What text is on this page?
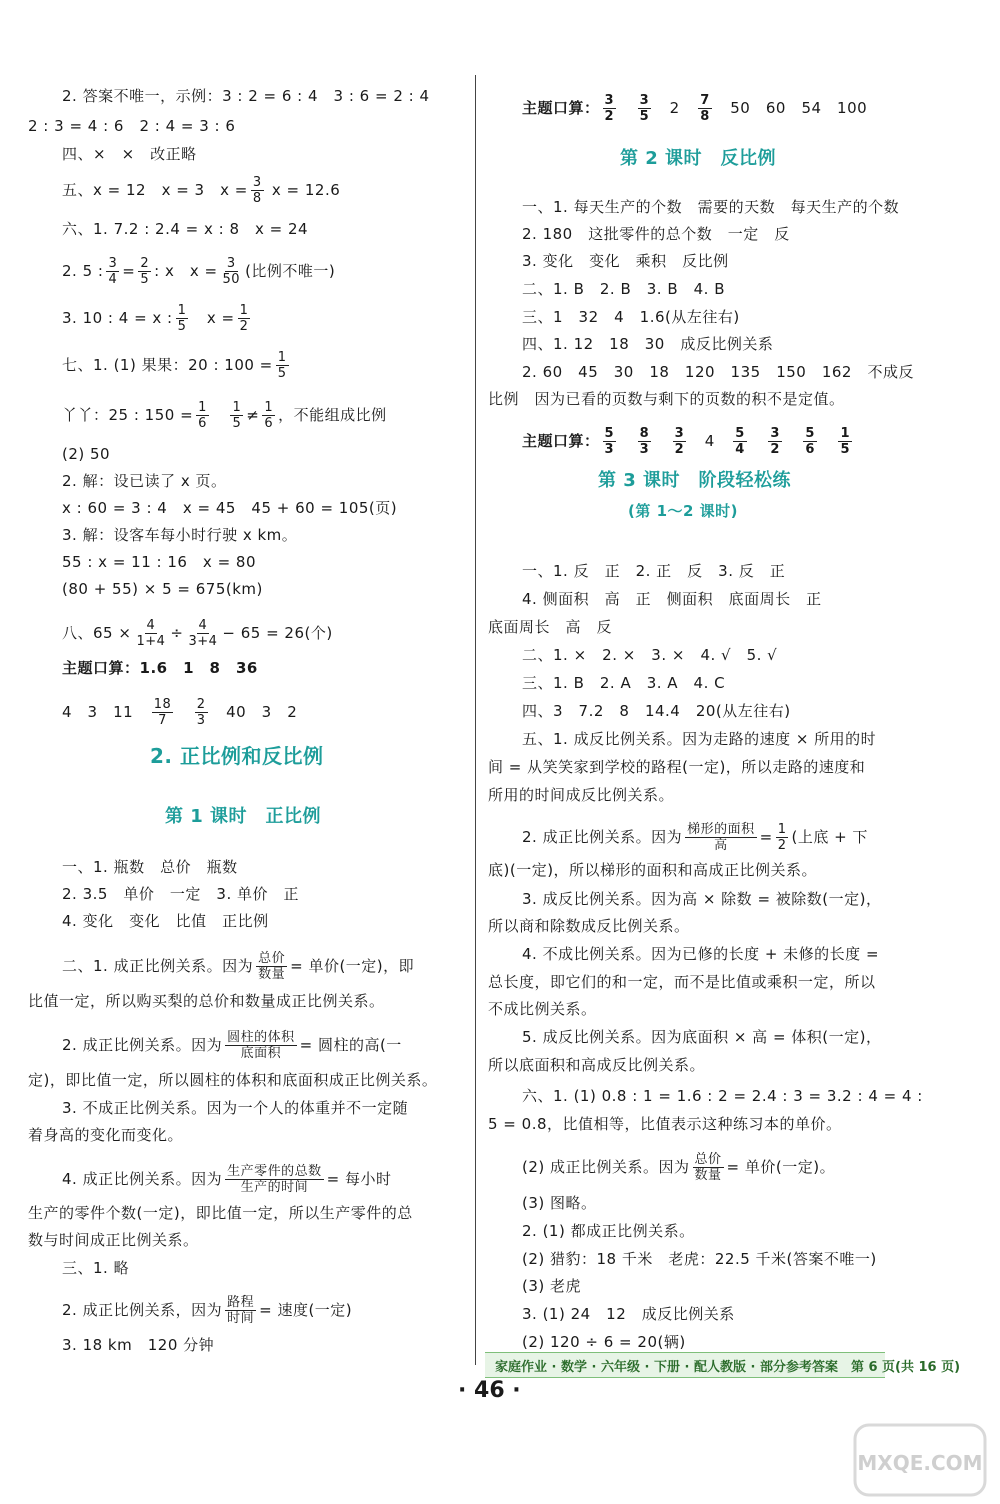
2. 答案不唯一，示例：3 : 2 = 6 : 4　3 : 6 = 2 : 4
2 : 3 = 4 : 6　2 : 4 = 3 : 6
四、×　×　改正略
五、x = 12　x = 3　$x = \frac{3}{8}$ x = 12.6
六、1. 7.2 : 2.4 = x : 8　x = 24
2. 5 : $\frac{3}{4} = \frac{2}{5}$ : x　$x = \frac{3}{50}$ (比例不唯一)
3. 10 : 4 = x : $\frac{1}{5}$
　 $x = \frac{1}{2}$
七、1. (1) 果果：20 : $100 = \frac{1}{5}$
丫丫：25 : $150 = \frac{1}{6}$
　 $\frac{1}{5} \ne \frac{1}{6}$ ，不能组成比例
(2) 50
2. 解：设已读了 x 页。
x : 60 = 3 : 4　x = 45　45 + 60 = 105(页)
3. 解：设客车每小时行驶 x km。
55 : x = 11 : 16　x = 80
(80 + 55) × 5 = 675(km)
八、$65 \times \frac{4}{1+4} \div \frac{4}{3+4} - 65 = 26$(个)
主题口算：1.6　1　8　36
4　3　11　 $\frac{18}{7}$
　 $\frac{2}{3}$
　 40　3　2
2. 正比例和反比例
第 1 课时　正比例
一、1. 瓶数　总价　瓶数
2. 3.5　单价　一定　3. 单价　正
4. 变化　变化　比值　正比例
二、1. 成正比例关系。因为 $\frac{\text{总价}}{\text{数量}}$ = 单价(一定)，即
比值一定，所以购买梨的总价和数量成正比例关系。
2. 成正比例关系。因为 $\frac{\text{圆柱的体积}}{\text{底面积}}$ = 圆柱的高(一
定)，即比值一定，所以圆柱的体积和底面积成正比例关系。
3. 不成正比例关系。因为一个人的体重并不一定随
着身高的变化而变化。
4. 成正比例关系。因为 $\frac{\text{生产零件的总数}}{\text{生产的时间}}$ = 每小时
生产的零件个数(一定)，即比值一定，所以生产零件的总
数与时间成正比例关系。
三、1. 略
2. 成正比例关系，因为 $\frac{\text{路程}}{\text{时间}}$ = 速度(一定)
3. 18 km　120 分钟
主题口算： $\frac{3}{2}$
　 $\frac{3}{5}$
　 2　 $\frac{7}{8}$
　 50　60　54　100
第 2 课时　反比例
一、1. 每天生产的个数　需要的天数　每天生产的个数
2. 180　这批零件的总个数　一定　反
3. 变化　变化　乘积　反比例
二、1. B　2. B　3. B　4. B
三、1　32　4　1.6(从左往右)
四、1. 12　18　30　成反比例关系
2. 60　45　30　18　120　135　150　162　不成反
比例　因为已看的页数与剩下的页数的积不是定值。
主题口算： $\frac{5}{3}$
　 $\frac{8}{3}$
　 $\frac{3}{2}$
　 4　 $\frac{5}{4}$
　 $\frac{3}{2}$
　 $\frac{5}{6}$
　 $\frac{1}{5}$
第 3 课时　阶段轻松练
(第 1～2 课时)
一、1. 反　正　2. 正　反　3. 反　正
4. 侧面积　高　正　侧面积　底面周长　正
底面周长　高　反
二、1. ×　2. ×　3. ×　4. √　5. √
三、1. B　2. A　3. A　4. C
四、3　7.2　8　14.4　20(从左往右)
五、1. 成反比例关系。因为走路的速度 × 所用的时
间 = 从笑笑家到学校的路程(一定)，所以走路的速度和
所用的时间成反比例关系。
2. 成正比例关系。因为 $\frac{\text{梯形的面积}}{\text{高}} = \frac{1}{2}$ (上底 + 下
底)(一定)，所以梯形的面积和高成正比例关系。
3. 成反比例关系。因为高 × 除数 = 被除数(一定)，
所以商和除数成反比例关系。
4. 不成比例关系。因为已修的长度 + 未修的长度 =
总长度，即它们的和一定，而不是比值或乘积一定，所以
不成比例关系。
5. 成反比例关系。因为底面积 × 高 = 体积(一定)，
所以底面积和高成反比例关系。
六、1. (1) 0.8 : 1 = 1.6 : 2 = 2.4 : 3 = 3.2 : 4 = 4 :
5 = 0.8，比值相等，比值表示这种练习本的单价。
(2) 成正比例关系。因为 $\frac{\text{总价}}{\text{数量}}$ = 单价(一定)。
(3) 图略。
2. (1) 都成正比例关系。
(2) 猎豹：18 千米　老虎：22.5 千米(答案不唯一)
(3) 老虎
3. (1) 24　12　成反比例关系
(2) 120 ÷ 6 = 20(辆)
家庭作业 · 数学 · 六年级 · 下册 · 配人教版 · 部分参考答案　第 6 页(共 16 页)
· 46 ·
MXQE.COM
